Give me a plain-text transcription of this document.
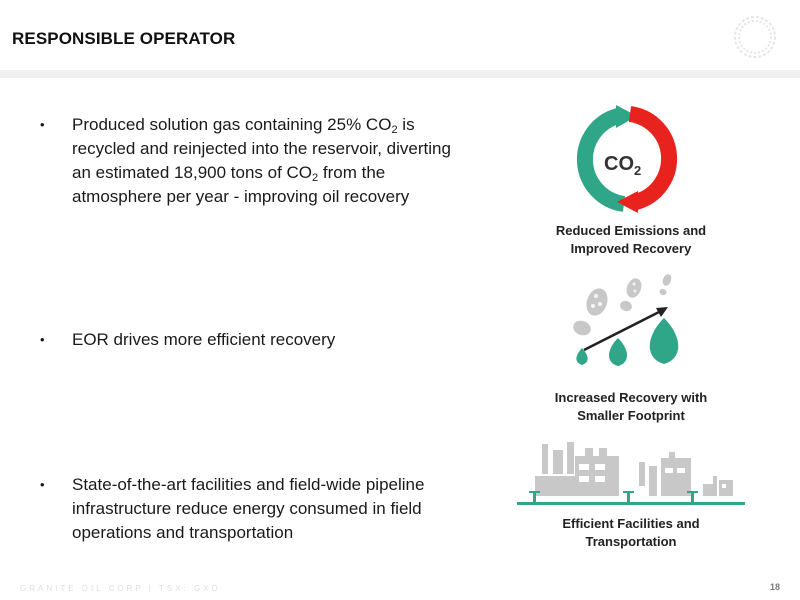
RESPONSIBLE OPERATOR
•	Produced solution gas containing 25% $CO_2$ is recycled and reinjected into the reservoir, diverting an estimated 18,900 tons of $CO_2$ from the atmosphere per year - improving oil recovery
•	EOR drives more efficient recovery
•	State-of-the-art facilities and field-wide pipeline infrastructure reduce energy consumed in field operations and transportation
$CO_2$
Reduced Emissions and
Improved Recovery
Increased Recovery with
Smaller Footprint
Efficient Facilities and
Transportation
GRANITE OIL CORP | TSX: GXO	18
